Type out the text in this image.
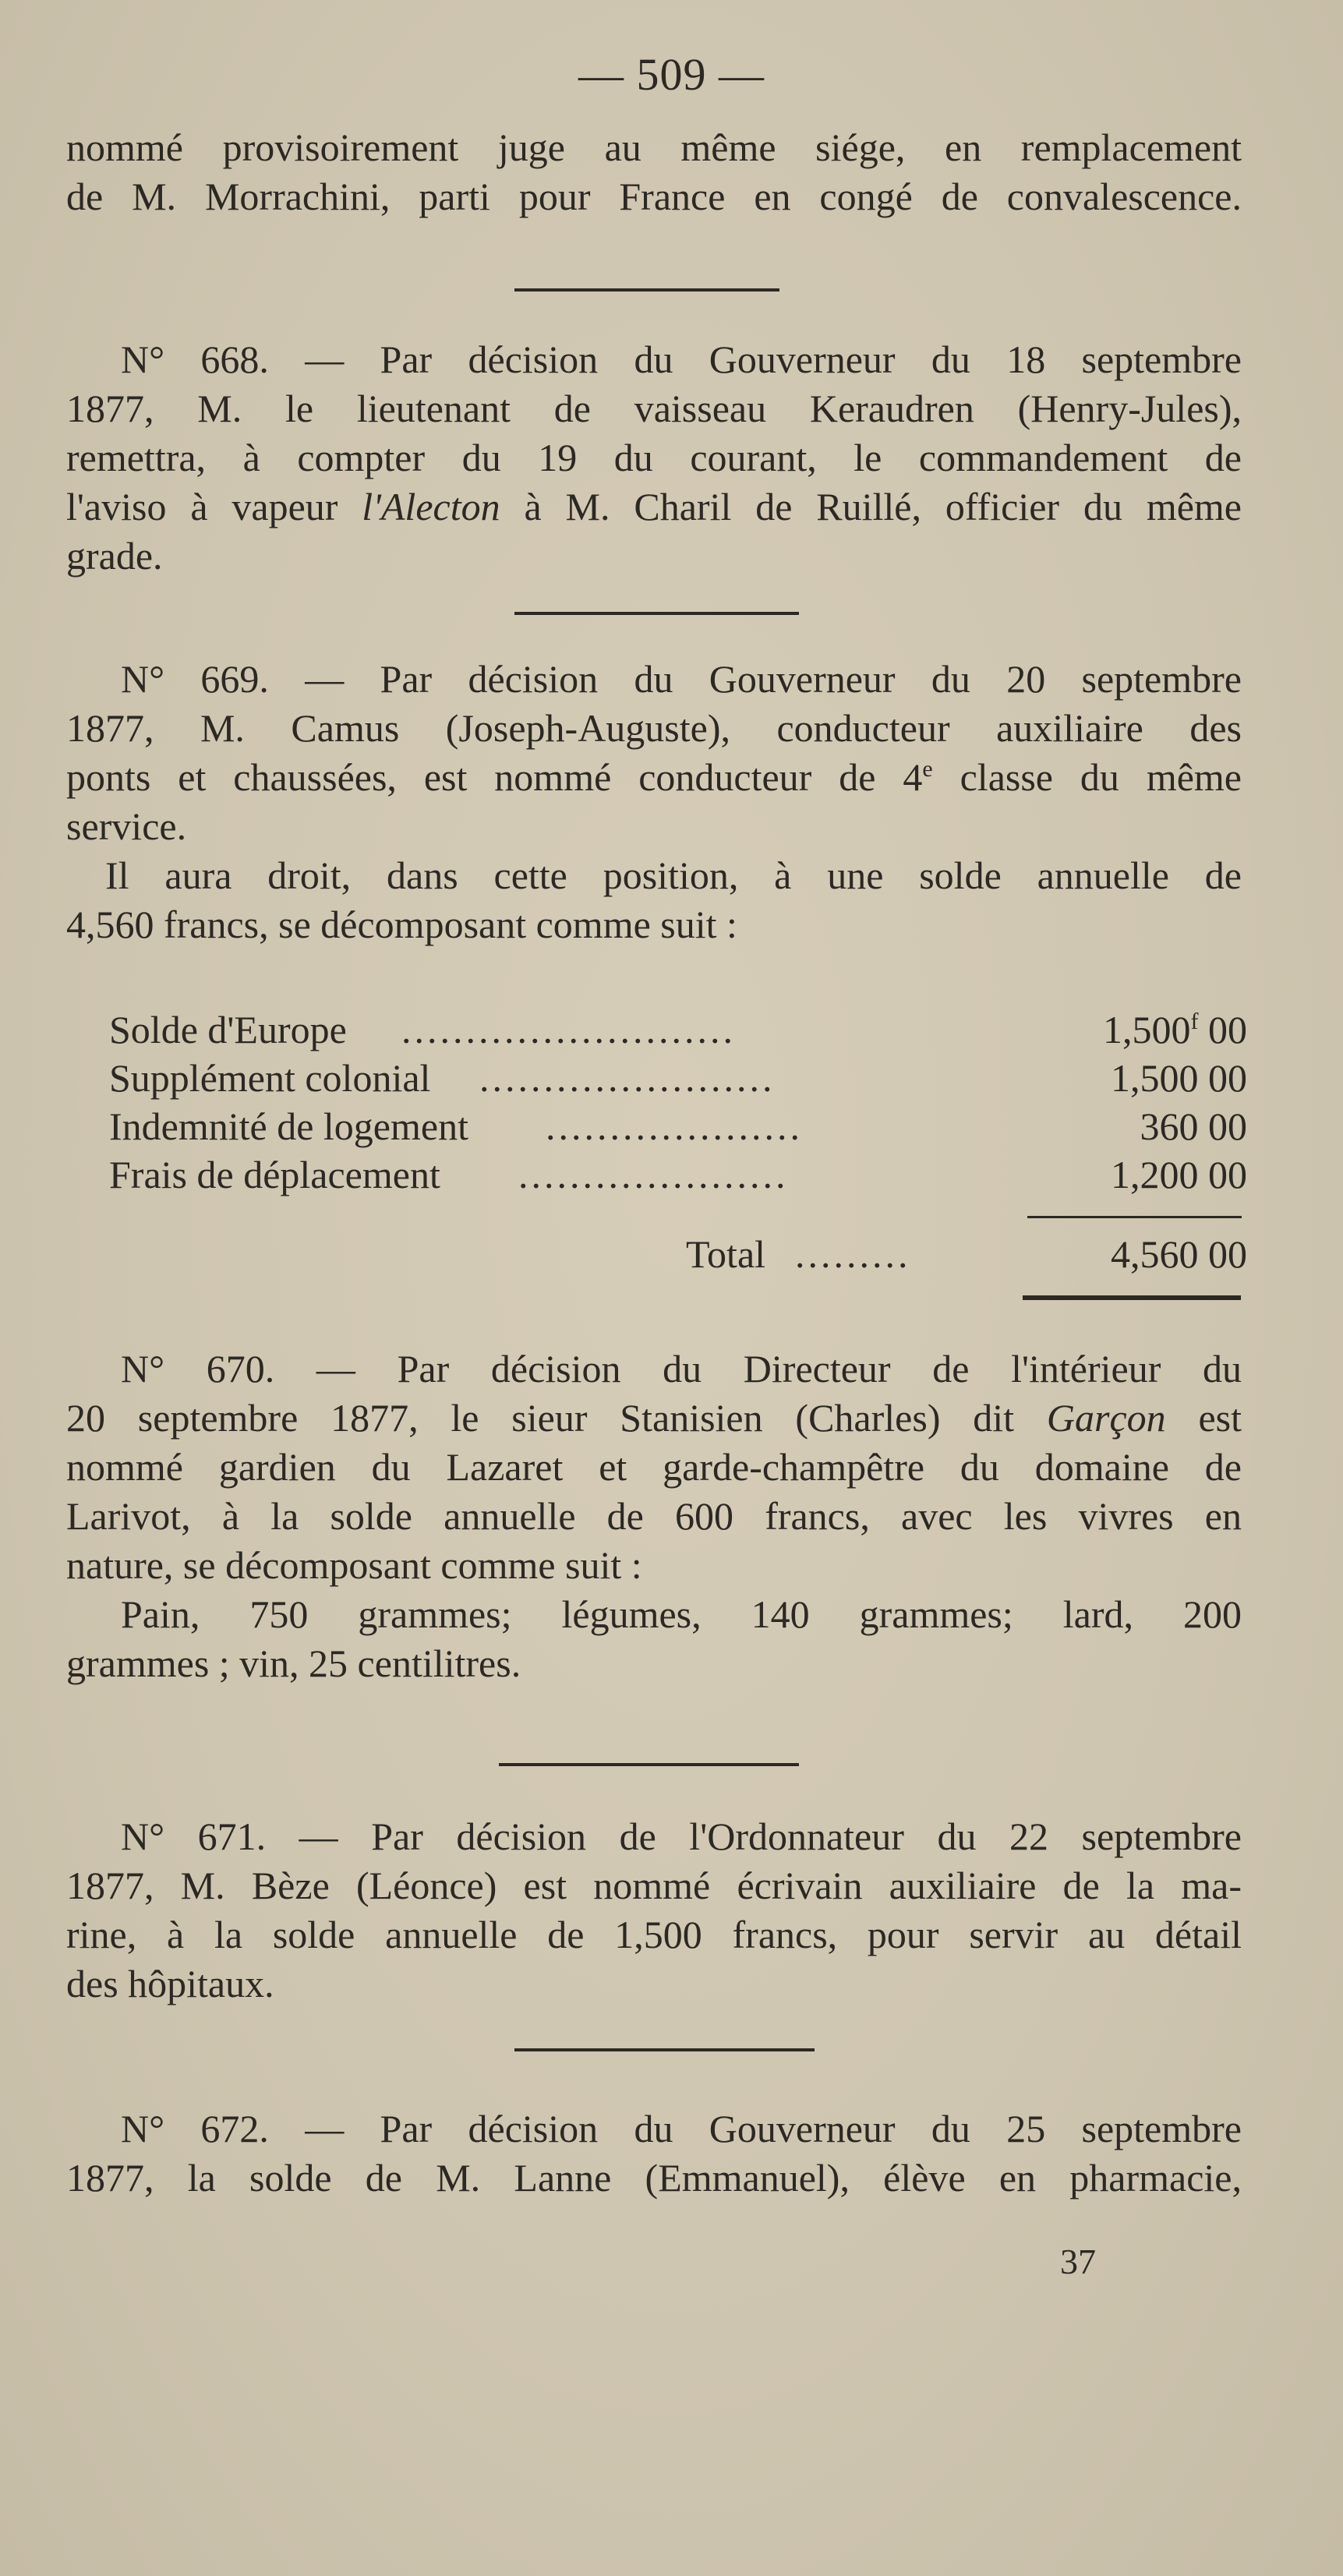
— 509 —
nommé provisoirement juge au même siége, en remplacement
de M. Morrachini, parti pour France en congé de convalescence.
N° 668. — Par décision du Gouverneur du 18 septembre
1877, M. le lieutenant de vaisseau Keraudren (Henry-Jules),
remettra, à compter du 19 du courant, le commandement de
l'aviso à vapeur l'Alecton à M. Charil de Ruillé, officier du même
grade.
N° 669. — Par décision du Gouverneur du 20 septembre
1877, M. Camus (Joseph-Auguste), conducteur auxiliaire des
ponts et chaussées, est nommé conducteur de 4e classe du même
service.
Il aura droit, dans cette position, à une solde annuelle de
4,560 francs, se décomposant comme suit :
Solde d'Europe ..........................	1,500$^f$ 00
Supplément colonial .......................	1,500 00
Indemnité de logement ....................	360 00
Frais de déplacement .....................	1,200 00
Total .........	4,560 00
N° 670. — Par décision du Directeur de l'intérieur du
20 septembre 1877, le sieur Stanisien (Charles) dit Garçon est
nommé gardien du Lazaret et garde-champêtre du domaine de
Larivot, à la solde annuelle de 600 francs, avec les vivres en
nature, se décomposant comme suit :
Pain, 750 grammes; légumes, 140 grammes; lard, 200
grammes ; vin, 25 centilitres.
N° 671. — Par décision de l'Ordonnateur du 22 septembre
1877, M. Bèze (Léonce) est nommé écrivain auxiliaire de la ma-
rine, à la solde annuelle de 1,500 francs, pour servir au détail
des hôpitaux.
N° 672. — Par décision du Gouverneur du 25 septembre
1877, la solde de M. Lanne (Emmanuel), élève en pharmacie,
37
